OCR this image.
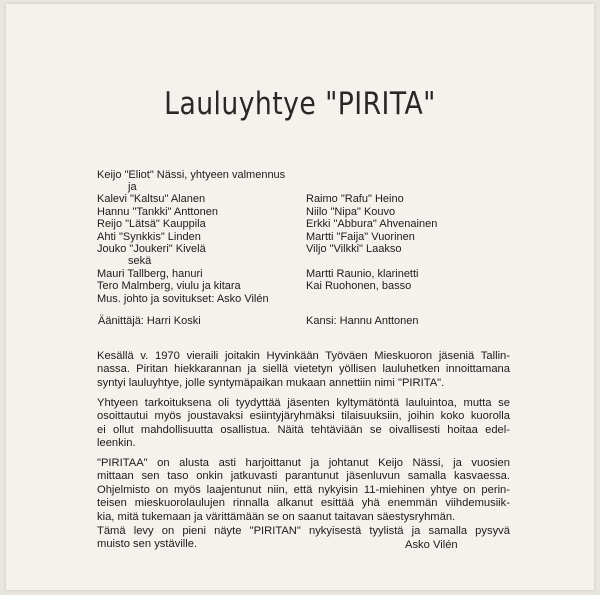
Lauluyhtye "PIRITA"
Keijo "Eliot" Nässi, yhtyeen valmennus
ja
Kalevi "Kaltsu" Alanen
Hannu "Tankki" Anttonen
Reijo "Lätsä" Kauppila
Ahti "Synkkis" Linden
Jouko "Joukeri" Kivelä
sekä
Mauri Tallberg, hanuri
Tero Malmberg, viulu ja kitara
Mus. johto ja sovitukset: Asko Vilén
Raimo "Rafu" Heino
Niilo "Nipa" Kouvo
Erkki "Abbura" Ahvenainen
Martti "Faija" Vuorinen
Viljo "Vilkki" Laakso
Martti Raunio, klarinetti
Kai Ruohonen, basso
Äänittäjä: Harri Koski	Kansi: Hannu Anttonen
Kesällä v. 1970 vieraili joitakin Hyvinkään Työväen Mieskuoron jäseniä Tallin-
nassa. Piritan hiekkarannan ja siellä vietetyn yöllisen lauluhetken innoittamana
syntyi lauluyhtye, jolle syntymäpaikan mukaan annettiin nimi "PIRITA".
Yhtyeen tarkoituksena oli tyydyttää jäsenten kyltymätöntä lauluintoa, mutta se
osoittautui myös joustavaksi esiintyjäryhmäksi tilaisuuksiin, joihin koko kuorolla
ei ollut mahdollisuutta osallistua. Näitä tehtäviään se oivallisesti hoitaa edel-
leenkin.
"PIRITAA" on alusta asti harjoittanut ja johtanut Keijo Nässi, ja vuosien
mittaan sen taso onkin jatkuvasti parantunut jäsenluvun samalla kasvaessa.
Ohjelmisto on myös laajentunut niin, että nykyisin 11-miehinen yhtye on perin-
teisen mieskuorolaulujen rinnalla alkanut esittää yhä enemmän viihdemusiik-
kia, mitä tukemaan ja värittämään se on saanut taitavan säestysryhmän.
Tämä levy on pieni näyte "PIRITAN" nykyisestä tyylistä ja samalla pysyvä
muisto sen ystäville.	Asko Vilén
